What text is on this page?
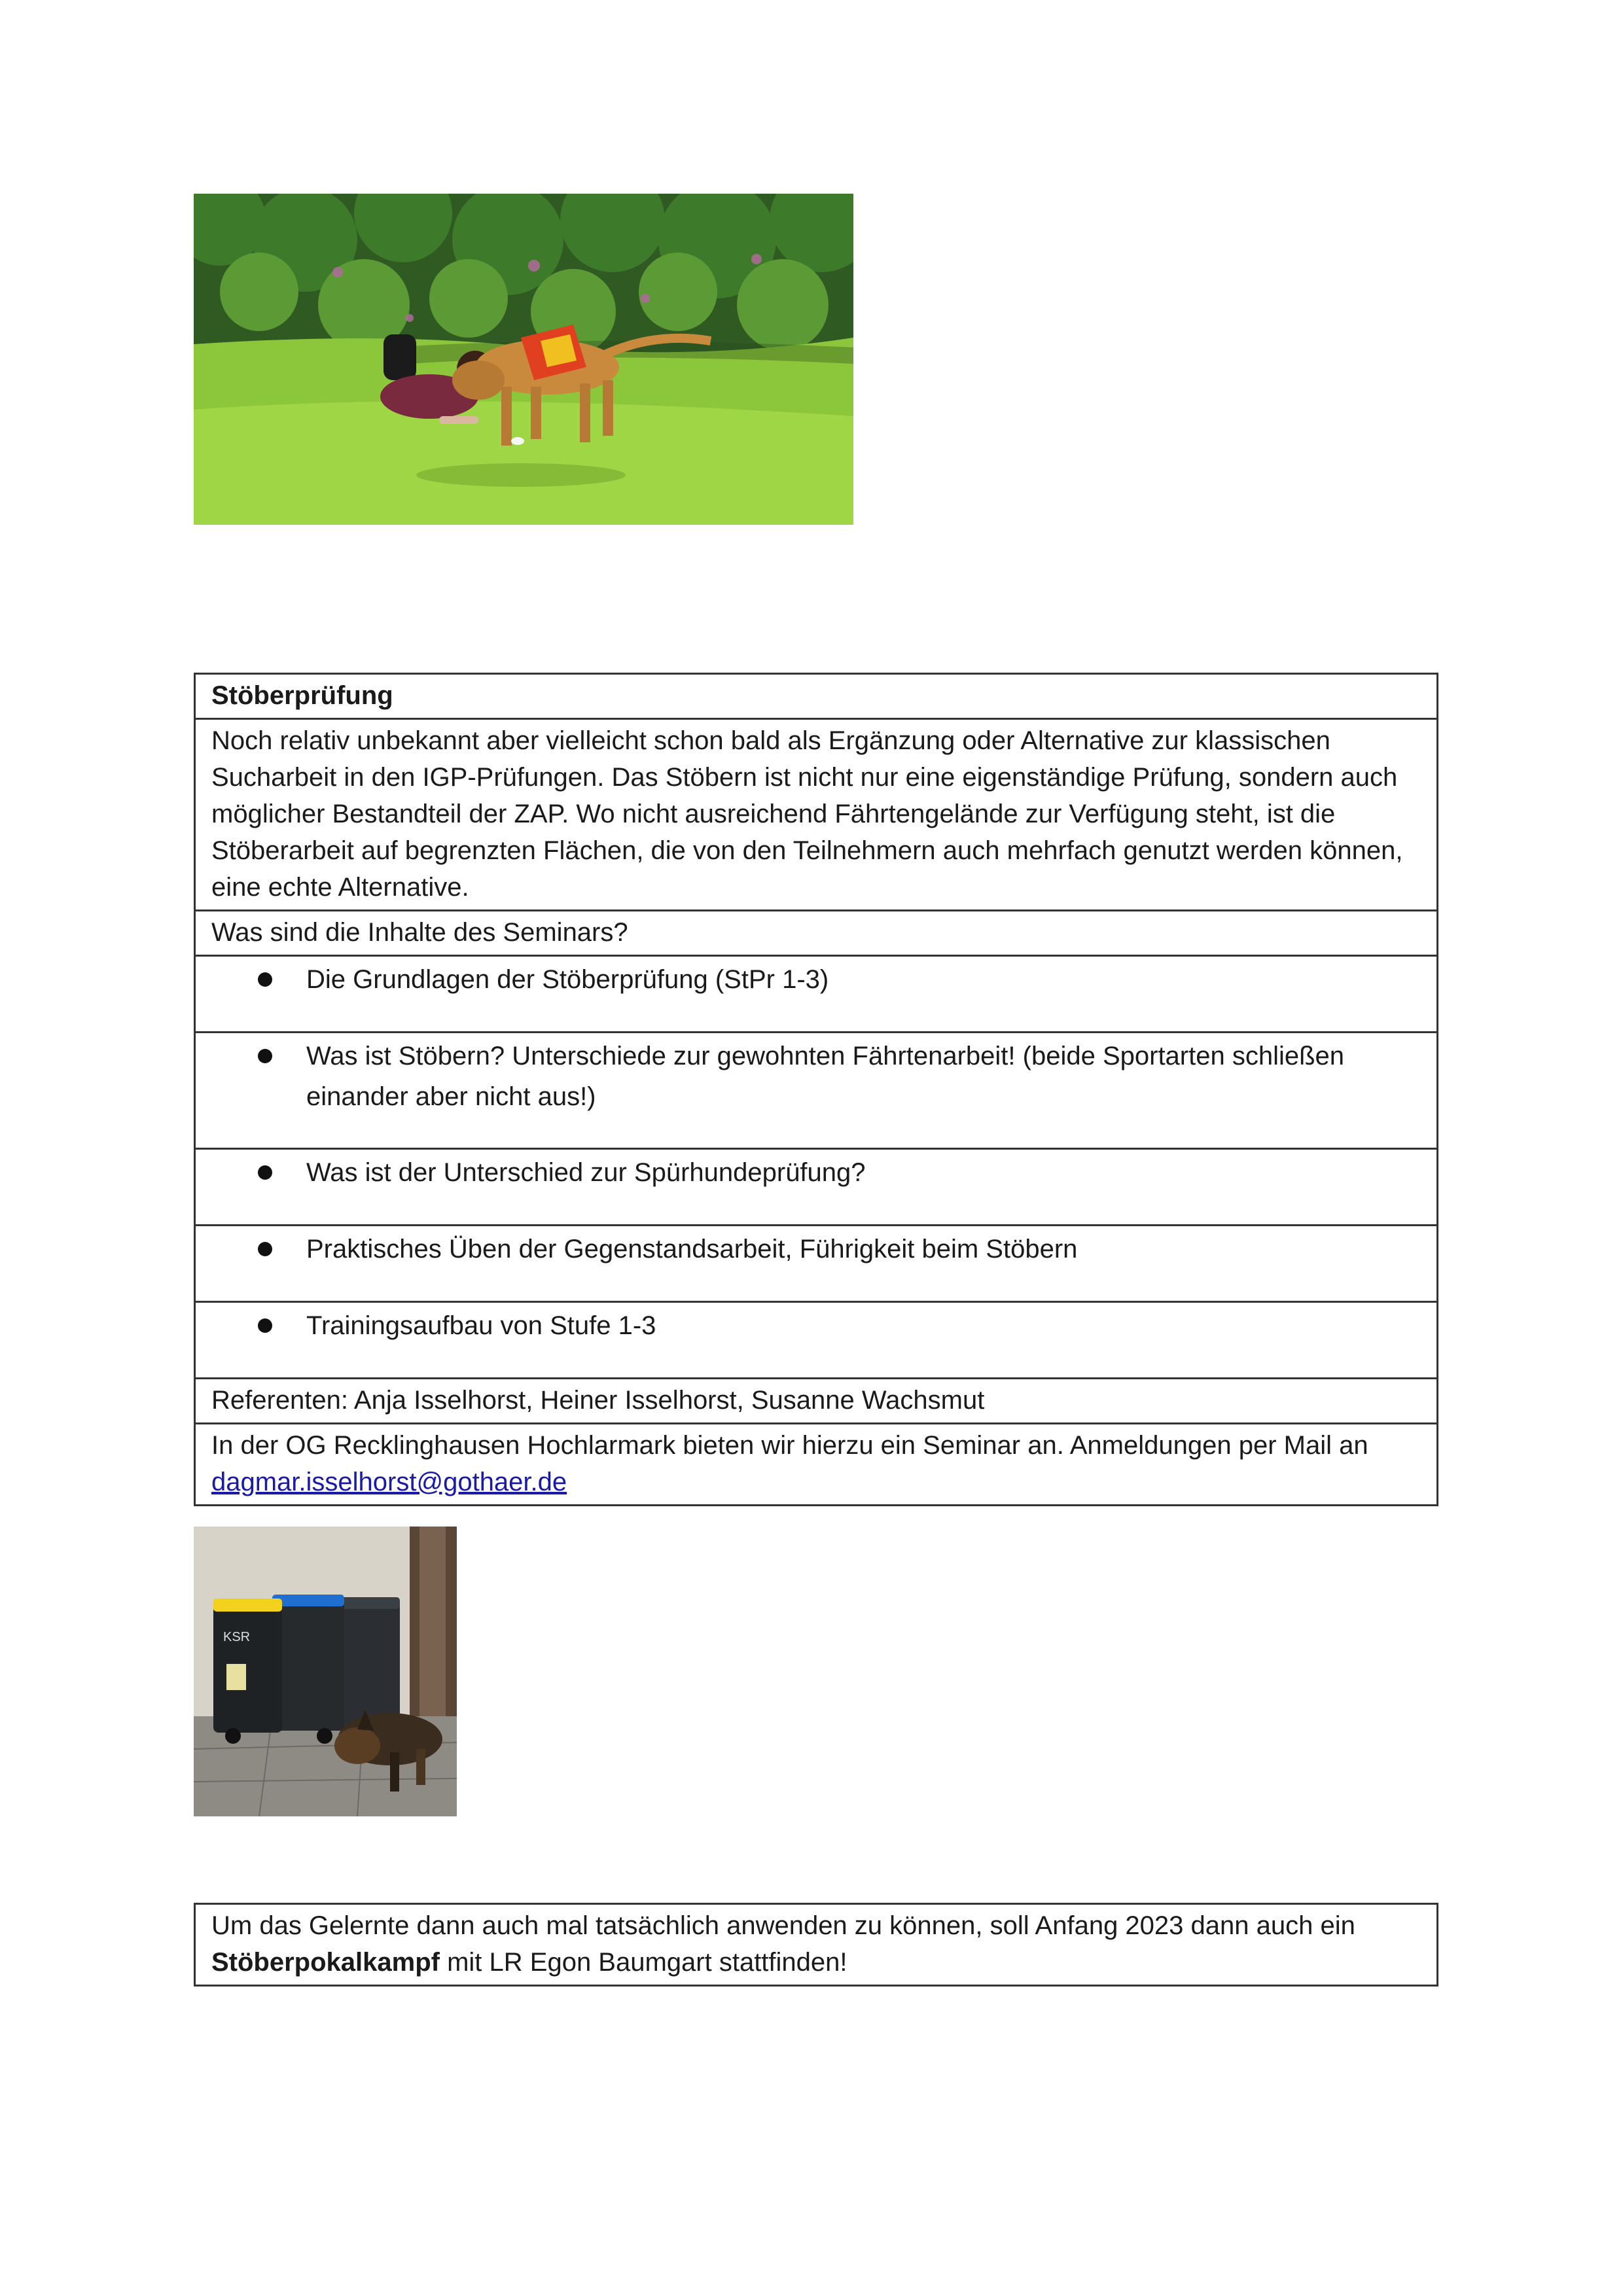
Stöberprüfung
Noch relativ unbekannt aber vielleicht schon bald als Ergänzung oder Alternative zur klassischen Sucharbeit in den IGP-Prüfungen. Das Stöbern ist nicht nur eine eigenständige Prüfung, sondern auch möglicher Bestandteil der ZAP. Wo nicht ausreichend Fährtengelände zur Verfügung steht, ist die Stöberarbeit auf begrenzten Flächen, die von den Teilnehmern auch mehrfach genutzt werden können, eine echte Alternative.
Was sind die Inhalte des Seminars?

Die Grundlagen der Stöberprüfung (StPr 1-3)

Was ist Stöbern? Unterschiede zur gewohnten Fährtenarbeit! (beide Sportarten schließen einander aber nicht aus!)

Was ist der Unterschied zur Spürhundeprüfung?

Praktisches Üben der Gegenstandsarbeit, Führigkeit beim Stöbern

Trainingsaufbau von Stufe 1-3

Referenten: Anja Isselhorst, Heiner Isselhorst, Susanne Wachsmut
In der OG Recklinghausen Hochlarmark bieten wir hierzu ein Seminar an. Anmeldungen per Mail an dagmar.isselhorst@gothaer.de
KSR
Um das Gelernte dann auch mal tatsächlich anwenden zu können, soll Anfang 2023 dann auch ein Stöberpokalkampf mit LR Egon Baumgart stattfinden!
